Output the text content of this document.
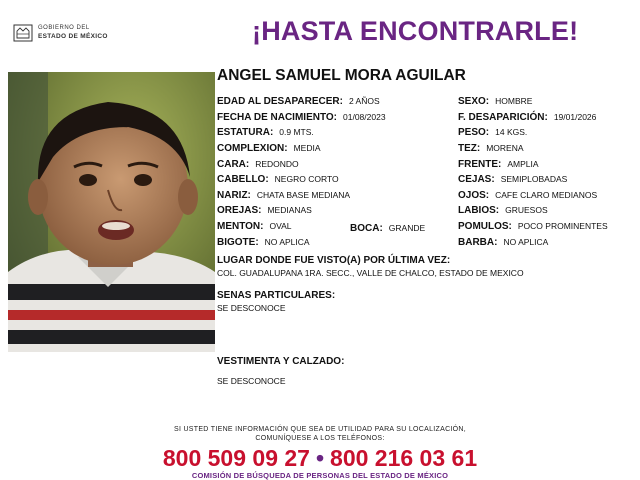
GOBIERNO DEL
ESTADO DE MÉXICO	¡HASTA ENCONTRARLE!
ANGEL SAMUEL MORA AGUILAR
EDAD AL DESAPARECER: 2 AÑOS
FECHA DE NACIMIENTO: 01/08/2023
ESTATURA: 0.9 MTS.
COMPLEXION: MEDIA
CARA: REDONDO
CABELLO: NEGRO CORTO
NARIZ: CHATA BASE MEDIANA
OREJAS: MEDIANAS
MENTON: OVAL	BOCA: GRANDE
BIGOTE: NO APLICA
SEXO: HOMBRE
F. DESAPARICIÓN: 19/01/2026
PESO: 14 KGS.
TEZ: MORENA
FRENTE: AMPLIA
CEJAS: SEMIPLOBADAS
OJOS: CAFE CLARO MEDIANOS
LABIOS: GRUESOS
POMULOS: POCO PROMINENTES
BARBA: NO APLICA
LUGAR DONDE FUE VISTO(A) POR ÚLTIMA VEZ:
COL. GUADALUPANA 1RA. SECC., VALLE DE CHALCO, ESTADO DE MEXICO
SENAS PARTICULARES:
SE DESCONOCE
VESTIMENTA Y CALZADO:
SE DESCONOCE
SI USTED TIENE INFORMACIÓN QUE SEA DE UTILIDAD PARA SU LOCALIZACIÓN,
COMUNÍQUESE A LOS TELÉFONOS:
800 509 09 27 • 800 216 03 61
COMISIÓN DE BÚSQUEDA DE PERSONAS DEL ESTADO DE MÉXICO
